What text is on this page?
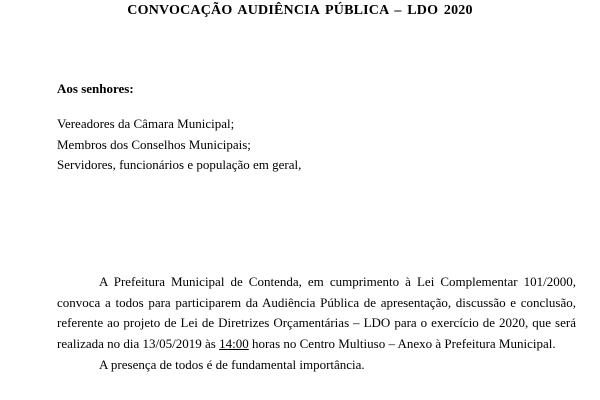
CONVOCAÇÃO AUDIÊNCIA PÚBLICA – LDO 2020

Aos senhores:

Vereadores da Câmara Municipal;
Membros dos Conselhos Municipais;
Servidores, funcionários e população em geral,
A Prefeitura Municipal de Contenda, em cumprimento à Lei Complementar 101/2000,
convoca a todos para participarem da Audiência Pública de apresentação, discussão e conclusão,
referente ao projeto de Lei de Diretrizes Orçamentárias – LDO para o exercício de 2020, que será
realizada no dia 13/05/2019 às 14:00 horas no Centro Multiuso – Anexo à Prefeitura Municipal.

A presença de todos é de fundamental importância.
